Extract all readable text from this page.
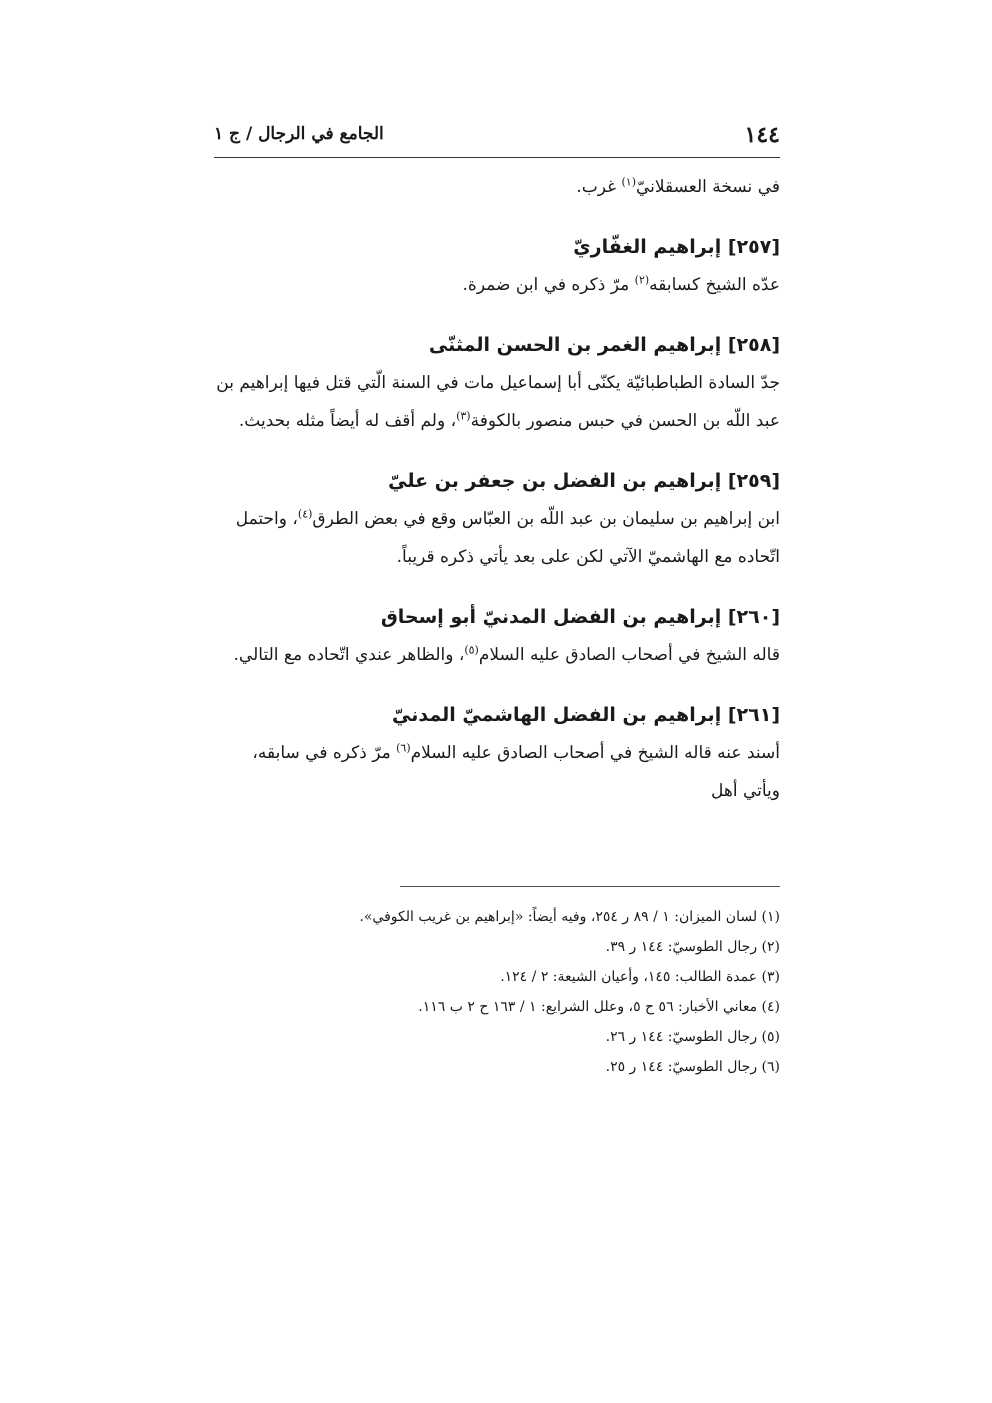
١٤٤
الجامع في الرجال / ج ١

في نسخة العسقلانيّ$^{(١)}$ غرب.

[٢٥٧] إبراهيم الغفّاريّ

عدّه الشيخ كسابقه$^{(٢)}$ مرّ ذكره في ابن ضمرة.

[٢٥٨] إبراهيم الغمر بن الحسن المثنّى

جدّ السادة الطباطبائيّة يكنّى أبا إسماعيل مات في السنة الّتي قتل فيها إبراهيم بن عبد اللّه بن الحسن في حبس منصور بالكوفة$^{(٣)}$، ولم أقف له أيضاً مثله بحديث.

[٢٥٩] إبراهيم بن الفضل بن جعفر بن عليّ

ابن إبراهيم بن سليمان بن عبد اللّه بن العبّاس وقع في بعض الطرق$^{(٤)}$، واحتمل اتّحاده مع الهاشميّ الآتي لكن على بعد يأتي ذكره قريباً.

[٢٦٠] إبراهيم بن الفضل المدنيّ أبو إسحاق

قاله الشيخ في أصحاب الصادق عليه السلام$^{(٥)}$، والظاهر عندي اتّحاده مع التالي.

[٢٦١] إبراهيم بن الفضل الهاشميّ المدنيّ

أسند عنه قاله الشيخ في أصحاب الصادق عليه السلام$^{(٦)}$ مرّ ذكره في سابقه، ويأتي أهل

(١) لسان الميزان: ١ / ٨٩ ر ٢٥٤، وفيه أيضاً: «إبراهيم بن غريب الكوفي».

(٢) رجال الطوسيّ: ١٤٤ ر ٣٩.

(٣) عمدة الطالب: ١٤٥، وأعيان الشيعة: ٢ / ١٢٤.

(٤) معاني الأخبار: ٥٦ ح ٥، وعلل الشرايع: ١ / ١٦٣ ح ٢ ب ١١٦.

(٥) رجال الطوسيّ: ١٤٤ ر ٢٦.

(٦) رجال الطوسيّ: ١٤٤ ر ٢٥.
